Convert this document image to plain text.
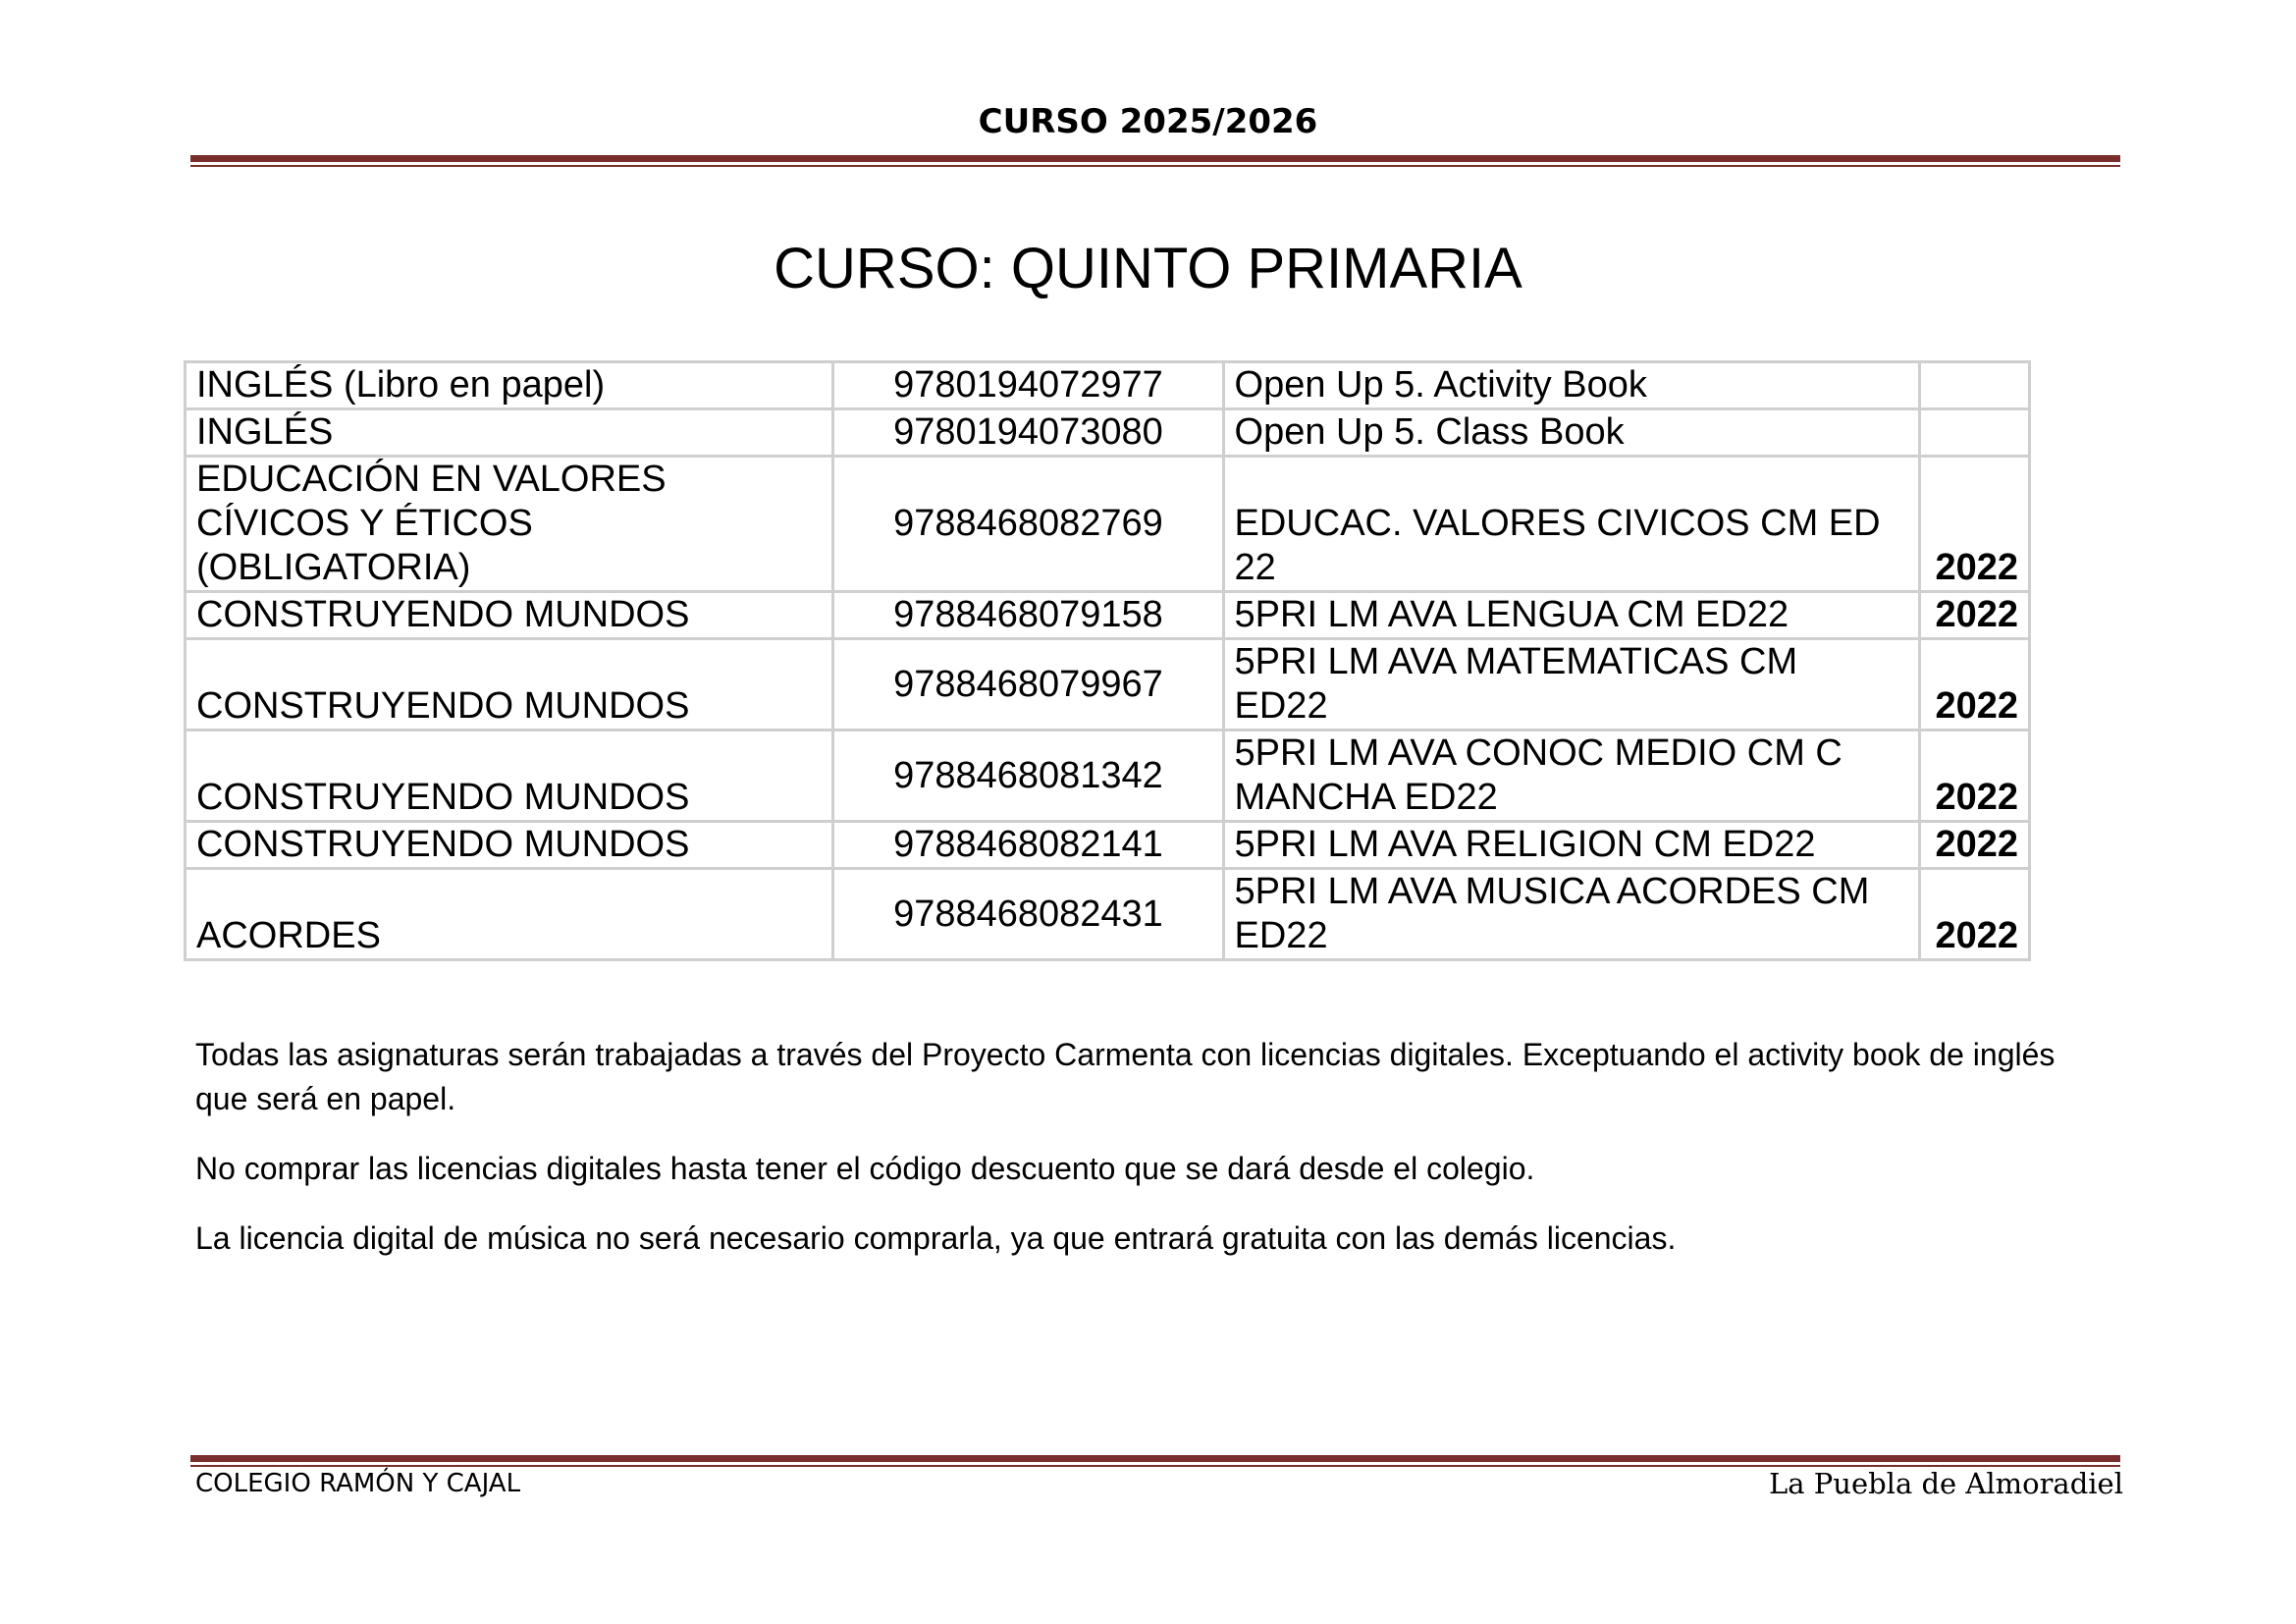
CURSO 2025/2026
CURSO: QUINTO PRIMARIA
INGLÉS (Libro en papel)	9780194072977	Open Up 5. Activity Book	

INGLÉS	9780194073080	Open Up 5. Class Book	

EDUCACIÓN EN VALORES
CÍVICOS Y ÉTICOS
(OBLIGATORIA)	9788468082769	EDUCAC. VALORES CIVICOS CM ED
22	2022

CONSTRUYENDO MUNDOS	9788468079158	5PRI LM AVA LENGUA CM ED22	2022

CONSTRUYENDO MUNDOS	9788468079967	5PRI LM AVA MATEMATICAS CM
ED22	2022

CONSTRUYENDO MUNDOS	9788468081342	5PRI LM AVA CONOC MEDIO CM C
MANCHA ED22	2022

CONSTRUYENDO MUNDOS	9788468082141	5PRI LM AVA RELIGION CM ED22	2022

ACORDES	9788468082431	5PRI LM AVA MUSICA ACORDES CM
ED22	2022

Todas las asignaturas serán trabajadas a través del Proyecto Carmenta con licencias digitales. Exceptuando el activity book de inglés que será en papel.

No comprar las licencias digitales hasta tener el código descuento que se dará desde el colegio.

La licencia digital de música no será necesario comprarla, ya que entrará gratuita con las demás licencias.

COLEGIO RAMÓN Y CAJAL	La Puebla de Almoradiel
